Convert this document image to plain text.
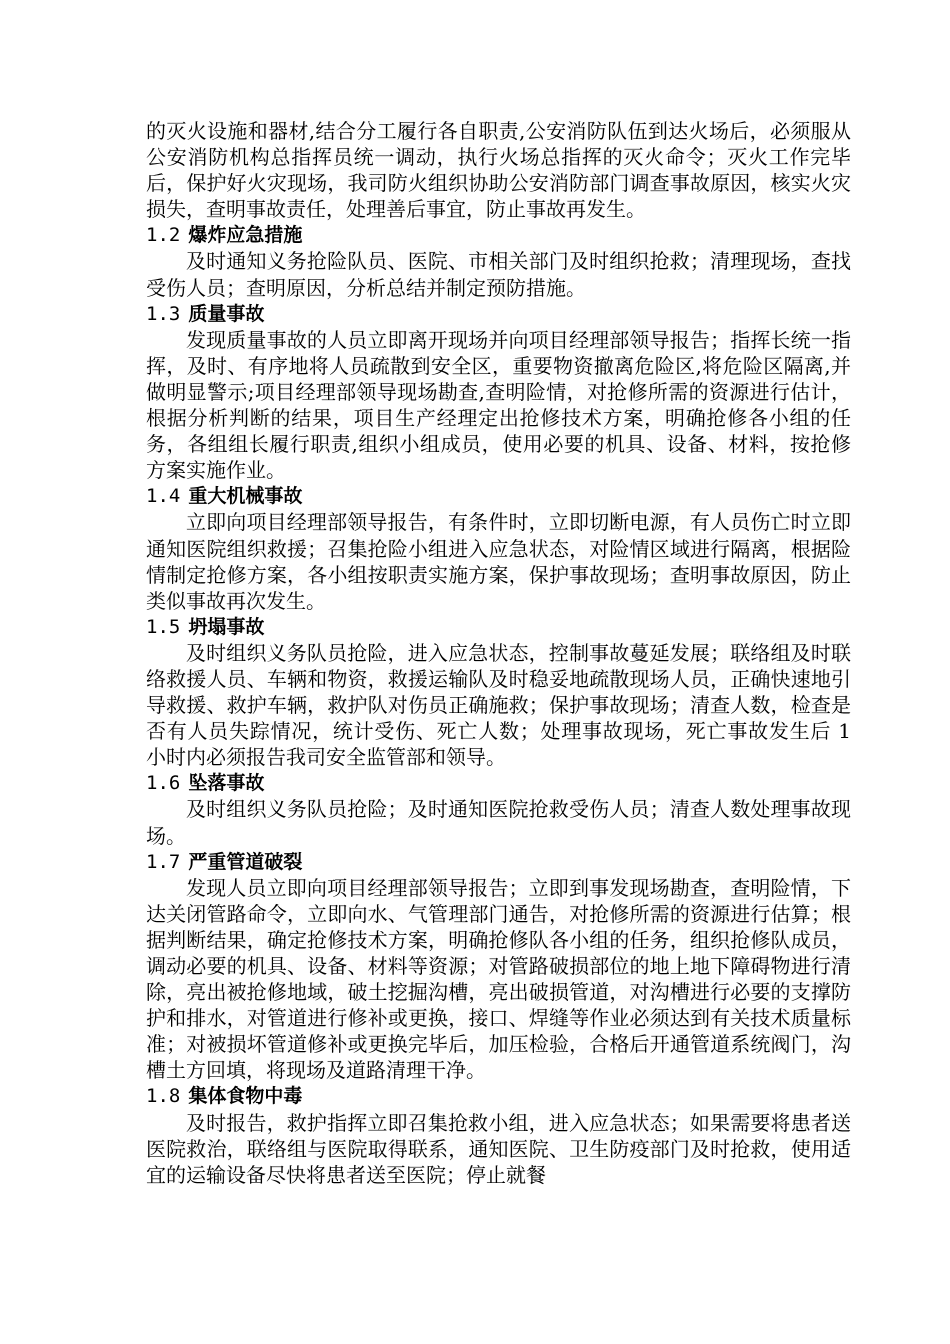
的灭火设施和器材,结合分工履行各自职责,公安消防队伍到达火场后，必须服从公安消防机构总指挥员统一调动，执行火场总指挥的灭火命令；灭火工作完毕后，保护好火灾现场，我司防火组织协助公安消防部门调查事故原因，核实火灾损失，查明事故责任，处理善后事宜，防止事故再发生。

1.2 爆炸应急措施

及时通知义务抢险队员、医院、市相关部门及时组织抢救；清理现场，查找受伤人员；查明原因，分析总结并制定预防措施。

1.3 质量事故

发现质量事故的人员立即离开现场并向项目经理部领导报告；指挥长统一指挥，及时、有序地将人员疏散到安全区，重要物资撤离危险区,将危险区隔离,并做明显警示;项目经理部领导现场勘查,查明险情，对抢修所需的资源进行估计，根据分析判断的结果，项目生产经理定出抢修技术方案，明确抢修各小组的任务，各组组长履行职责,组织小组成员，使用必要的机具、设备、材料，按抢修方案实施作业。

1.4 重大机械事故

立即向项目经理部领导报告，有条件时，立即切断电源，有人员伤亡时立即通知医院组织救援；召集抢险小组进入应急状态，对险情区域进行隔离，根据险情制定抢修方案，各小组按职责实施方案，保护事故现场；查明事故原因，防止类似事故再次发生。

1.5 坍塌事故

及时组织义务队员抢险，进入应急状态，控制事故蔓延发展；联络组及时联络救援人员、车辆和物资，救援运输队及时稳妥地疏散现场人员，正确快速地引导救援、救护车辆，救护队对伤员正确施救；保护事故现场；清查人数，检查是否有人员失踪情况，统计受伤、死亡人数；处理事故现场，死亡事故发生后 1 小时内必须报告我司安全监管部和领导。

1.6 坠落事故

及时组织义务队员抢险；及时通知医院抢救受伤人员；清查人数处理事故现场。

1.7 严重管道破裂

发现人员立即向项目经理部领导报告；立即到事发现场勘查，查明险情，下达关闭管路命令，立即向水、气管理部门通告，对抢修所需的资源进行估算；根据判断结果，确定抢修技术方案，明确抢修队各小组的任务，组织抢修队成员，调动必要的机具、设备、材料等资源；对管路破损部位的地上地下障碍物进行清除，亮出被抢修地域，破土挖掘沟槽，亮出破损管道，对沟槽进行必要的支撑防护和排水，对管道进行修补或更换，接口、焊缝等作业必须达到有关技术质量标准；对被损坏管道修补或更换完毕后，加压检验，合格后开通管道系统阀门，沟槽土方回填，将现场及道路清理干净。

1.8 集体食物中毒

及时报告，救护指挥立即召集抢救小组，进入应急状态；如果需要将患者送医院救治，联络组与医院取得联系，通知医院、卫生防疫部门及时抢救，使用适宜的运输设备尽快将患者送至医院；停止就餐
